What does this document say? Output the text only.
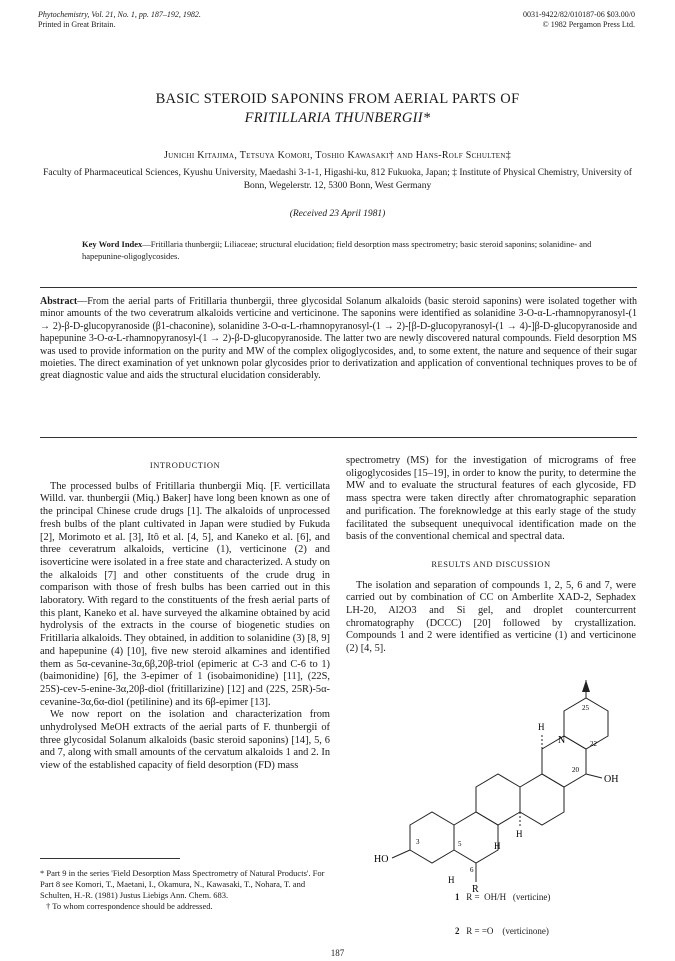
Phytochemistry, Vol. 21, No. 1, pp. 187–192, 1982.
Printed in Great Britain.
0031-9422/82/010187-06 $03.00/0
© 1982 Pergamon Press Ltd.
BASIC STEROID SAPONINS FROM AERIAL PARTS OF
FRITILLARIA THUNBERGII*
Junichi Kitajima, Tetsuya Komori, Toshio Kawasaki† and Hans-Rolf Schulten‡
Faculty of Pharmaceutical Sciences, Kyushu University, Maedashi 3-1-1, Higashi-ku, 812 Fukuoka, Japan; ‡ Institute of Physical Chemistry, University of Bonn, Wegelerstr. 12, 5300 Bonn, West Germany
(Received 23 April 1981)
Key Word Index—Fritillaria thunbergii; Liliaceae; structural elucidation; field desorption mass spectrometry; basic steroid saponins; solanidine- and hapepunine-oligoglycosides.
Abstract—From the aerial parts of Fritillaria thunbergii, three glycosidal Solanum alkaloids (basic steroid saponins) were isolated together with minor amounts of the two ceveratrum alkaloids verticine and verticinone. The saponins were identified as solanidine 3-O-α-L-rhamnopyranosyl-(1 → 2)-β-D-glucopyranoside (β1-chaconine), solanidine 3-O-α-L-rhamnopyranosyl-(1 → 2)-[β-D-glucopyranosyl-(1 → 4)-]β-D-glucopyranoside and hapepunine 3-O-α-L-rhamnopyranosyl-(1 → 2)-β-D-glucopyranoside. The latter two are newly discovered natural compounds. Field desorption MS was used to provide information on the purity and MW of the complex oligoglycosides, and, to some extent, the nature and sequence of their sugar moieties. The direct examination of yet unknown polar glycosides prior to derivatization and application of conventional techniques proves to be of great diagnostic value and aids the structural elucidation considerably.
INTRODUCTION

The processed bulbs of Fritillaria thunbergii Miq. [F. verticillata Willd. var. thunbergii (Miq.) Baker] have long been known as one of the principal Chinese crude drugs [1]. The alkaloids of unprocessed fresh bulbs of the plant cultivated in Japan were studied by Fukuda [2], Morimoto et al. [3], Itô et al. [4, 5], and Kaneko et al. [6], and three ceveratrum alkaloids, verticine (1), verticinone (2) and isoverticine were isolated in a free state and characterized. A study on the alkaloids [7] and other constituents of the crude drug in comparison with those of fresh bulbs has been carried out in this laboratory. With regard to the constituents of the fresh aerial parts of this plant, Kaneko et al. have surveyed the alkamine obtained by acid hydrolysis of the extracts in the course of biogenetic studies on Fritillaria alkaloids. They obtained, in addition to solanidine (3) [8, 9] and hapepunine (4) [10], five new steroid alkamines and identified them as 5α-cevanine-3α,6β,20β-triol (epimeric at C-3 and C-6 to 1) (baimonidine) [6], the 3-epimer of 1 (isobaimonidine) [11], (22S, 25S)-cev-5-enine-3α,20β-diol (fritillarizine) [12] and (22S, 25R)-5α-cevanine-3α,6α-diol (petilinine) and its 6β-epimer [13].

We now report on the isolation and characterization from unhydrolysed MeOH extracts of the aerial parts of F. thunbergii of three glycosidal Solanum alkaloids (basic steroid saponins) [14], 5, 6 and 7, along with small amounts of the cervatum alkaloids 1 and 2. In view of the established capacity of field desorption (FD) mass

spectrometry (MS) for the investigation of micrograms of free oligoglycosides [15–19], in order to know the purity, to determine the MW and to evaluate the structural features of each glycoside, FD mass spectra were taken directly after chromatographic separation and purification. The foreknowledge at this early stage of the study facilitated the subsequent unequivocal identification made on the basis of the conventional chemical and spectral data.

RESULTS AND DISCUSSION

The isolation and separation of compounds 1, 2, 5, 6 and 7, were carried out by combination of CC on Amberlite XAD-2, Sephadex LH-20, Al2O3 and Si gel, and droplet countercurrent chromatography (DCCC) [20] followed by crystallization. Compounds 1 and 2 were identified as verticine (1) and verticinone (2) [4, 5].

HO
N
OH
R
H
H
H
H
3	5
6
20
22
25
1 R = OH/H (verticine)
2 R = =O (verticinone)
* Part 9 in the series 'Field Desorption Mass Spectrometry of Natural Products'. For Part 8 see Komori, T., Maetani, I., Okamura, N., Kawasaki, T., Nohara, T. and Schulten, H.-R. (1981) Justus Liebigs Ann. Chem. 683.
† To whom correspondence should be addressed.
187
